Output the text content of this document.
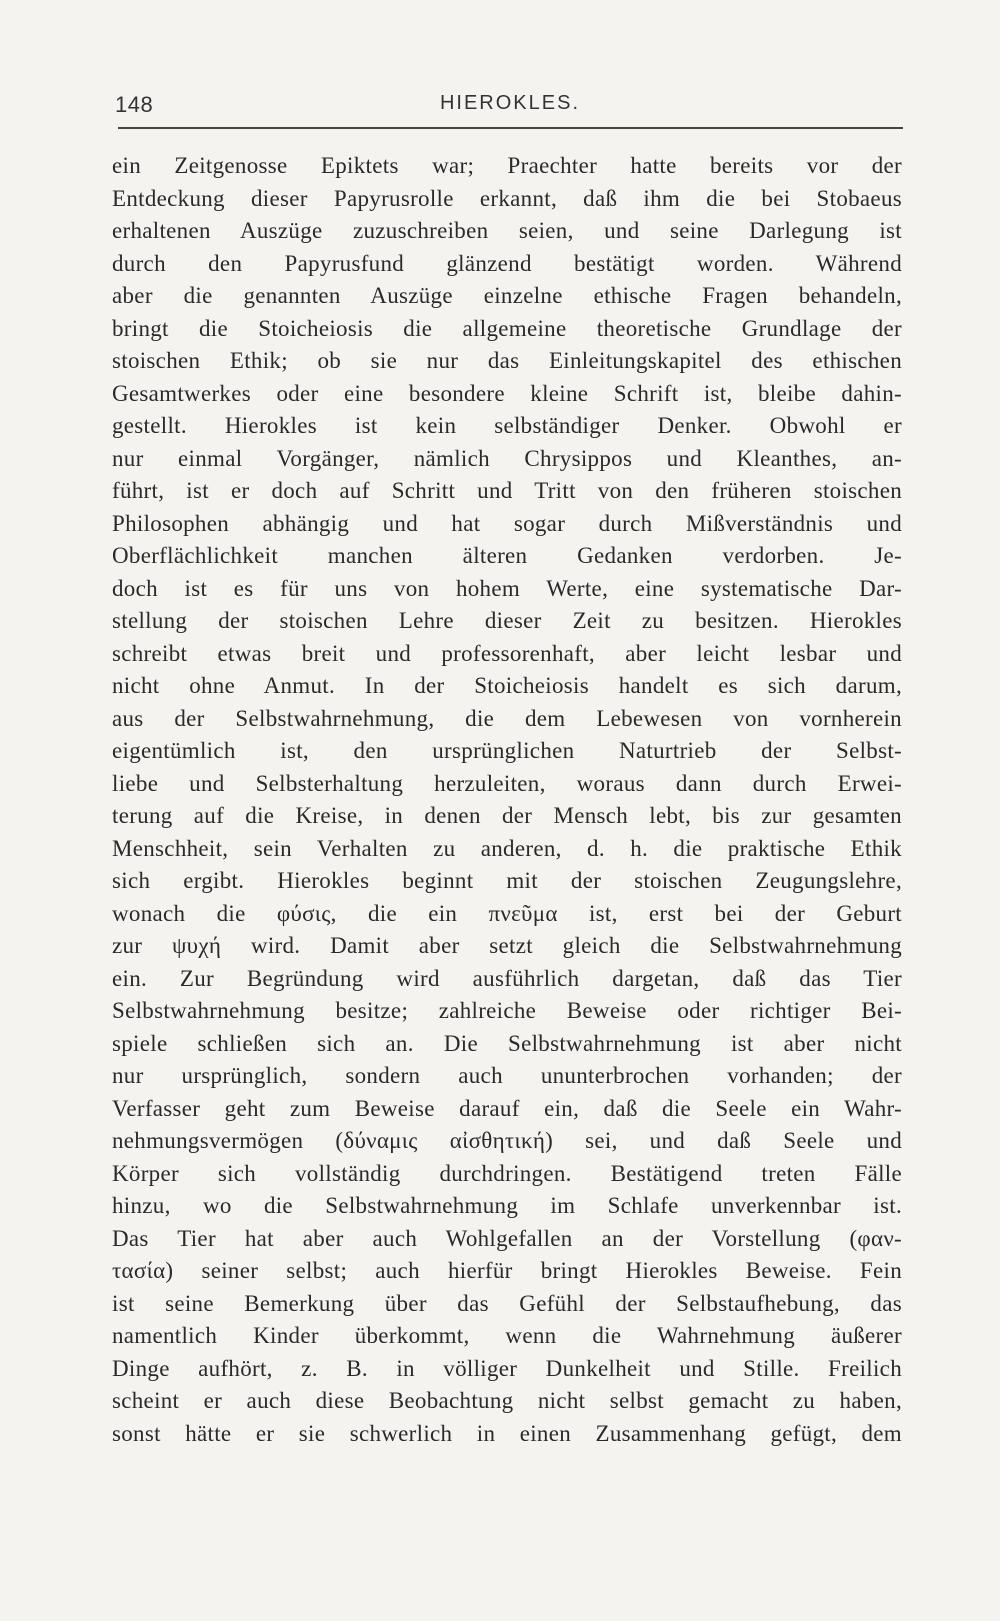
148	HIEROKLES.
ein Zeitgenosse Epiktets war; Praechter hatte bereits vor der
Entdeckung dieser Papyrusrolle erkannt, daß ihm die bei Stobaeus
erhaltenen Auszüge zuzuschreiben seien, und seine Darlegung ist
durch den Papyrusfund glänzend bestätigt worden. Während
aber die genannten Auszüge einzelne ethische Fragen behandeln,
bringt die Stoicheiosis die allgemeine theoretische Grundlage der
stoischen Ethik; ob sie nur das Einleitungskapitel des ethischen
Gesamtwerkes oder eine besondere kleine Schrift ist, bleibe dahin-
gestellt. Hierokles ist kein selbständiger Denker. Obwohl er
nur einmal Vorgänger, nämlich Chrysippos und Kleanthes, an-
führt, ist er doch auf Schritt und Tritt von den früheren stoischen
Philosophen abhängig und hat sogar durch Mißverständnis und
Oberflächlichkeit manchen älteren Gedanken verdorben. Je-
doch ist es für uns von hohem Werte, eine systematische Dar-
stellung der stoischen Lehre dieser Zeit zu besitzen. Hierokles
schreibt etwas breit und professorenhaft, aber leicht lesbar und
nicht ohne Anmut. In der Stoicheiosis handelt es sich darum,
aus der Selbstwahrnehmung, die dem Lebewesen von vornherein
eigentümlich ist, den ursprünglichen Naturtrieb der Selbst-
liebe und Selbsterhaltung herzuleiten, woraus dann durch Erwei-
terung auf die Kreise, in denen der Mensch lebt, bis zur gesamten
Menschheit, sein Verhalten zu anderen, d. h. die praktische Ethik
sich ergibt. Hierokles beginnt mit der stoischen Zeugungslehre,
wonach die φύσις, die ein πνεῦμα ist, erst bei der Geburt
zur ψυχή wird. Damit aber setzt gleich die Selbstwahrnehmung
ein. Zur Begründung wird ausführlich dargetan, daß das Tier
Selbstwahrnehmung besitze; zahlreiche Beweise oder richtiger Bei-
spiele schließen sich an. Die Selbstwahrnehmung ist aber nicht
nur ursprünglich, sondern auch ununterbrochen vorhanden; der
Verfasser geht zum Beweise darauf ein, daß die Seele ein Wahr-
nehmungsvermögen (δύναμις αἰσθητική) sei, und daß Seele und
Körper sich vollständig durchdringen. Bestätigend treten Fälle
hinzu, wo die Selbstwahrnehmung im Schlafe unverkennbar ist.
Das Tier hat aber auch Wohlgefallen an der Vorstellung (φαν-
τασία) seiner selbst; auch hierfür bringt Hierokles Beweise. Fein
ist seine Bemerkung über das Gefühl der Selbstaufhebung, das
namentlich Kinder überkommt, wenn die Wahrnehmung äußerer
Dinge aufhört, z. B. in völliger Dunkelheit und Stille. Freilich
scheint er auch diese Beobachtung nicht selbst gemacht zu haben,
sonst hätte er sie schwerlich in einen Zusammenhang gefügt, dem
